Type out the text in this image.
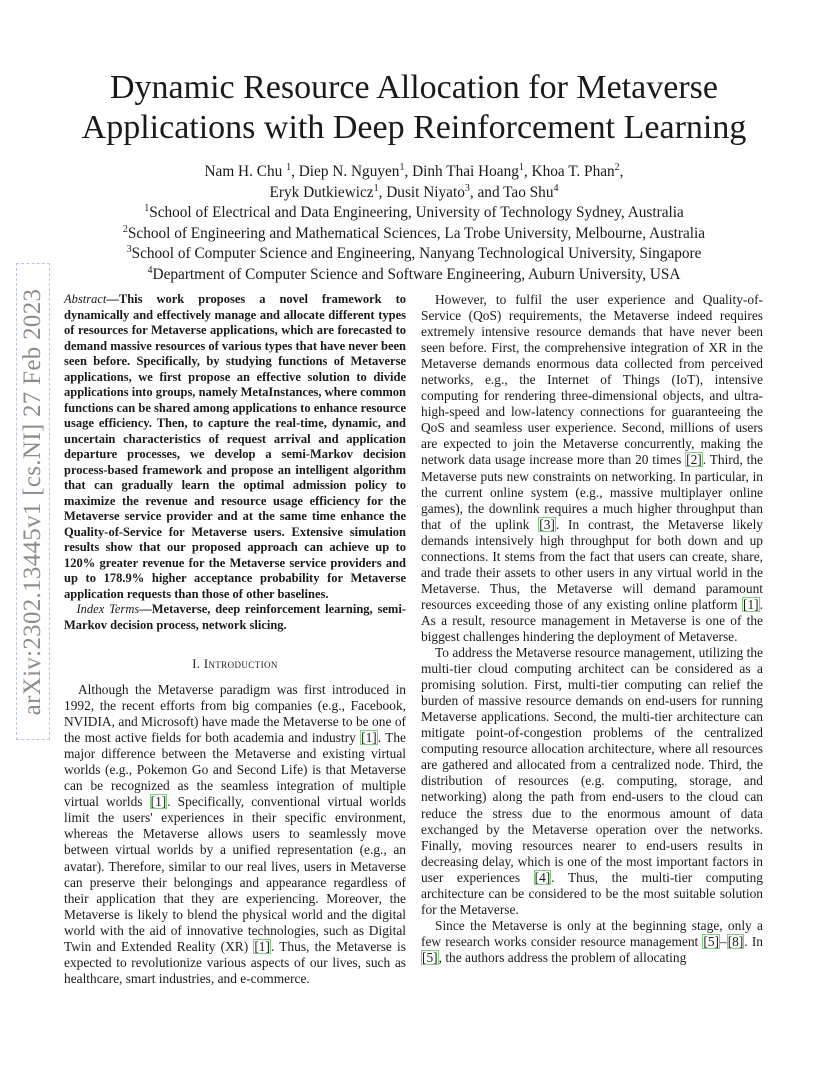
arXiv:2302.13445v1 [cs.NI] 27 Feb 2023
Dynamic Resource Allocation for Metaverse Applications with Deep Reinforcement Learning
Nam H. Chu $^1$, Diep N. Nguyen$^1$, Dinh Thai Hoang$^1$, Khoa T. Phan$^2$,
Eryk Dutkiewicz$^1$, Dusit Niyato$^3$, and Tao Shu$^4$
$^1$School of Electrical and Data Engineering, University of Technology Sydney, Australia
$^2$School of Engineering and Mathematical Sciences, La Trobe University, Melbourne, Australia
$^3$School of Computer Science and Engineering, Nanyang Technological University, Singapore
$^4$Department of Computer Science and Software Engineering, Auburn University, USA

Abstract—This work proposes a novel framework to dynamically and effectively manage and allocate different types of resources for Metaverse applications, which are forecasted to demand massive resources of various types that have never been seen before. Specifically, by studying functions of Metaverse applications, we first propose an effective solution to divide applications into groups, namely MetaInstances, where common functions can be shared among applications to enhance resource usage efficiency. Then, to capture the real-time, dynamic, and uncertain characteristics of request arrival and application departure processes, we develop a semi-Markov decision process-based framework and propose an intelligent algorithm that can gradually learn the optimal admission policy to maximize the revenue and resource usage efficiency for the Metaverse service provider and at the same time enhance the Quality-of-Service for Metaverse users. Extensive simulation results show that our proposed approach can achieve up to 120% greater revenue for the Metaverse service providers and up to 178.9% higher acceptance probability for Metaverse application requests than those of other baselines.

Index Terms—Metaverse, deep reinforcement learning, semi-Markov decision process, network slicing.

I. Introduction

Although the Metaverse paradigm was first introduced in 1992, the recent efforts from big companies (e.g., Facebook, NVIDIA, and Microsoft) have made the Metaverse to be one of the most active fields for both academia and industry [1]. The major difference between the Metaverse and existing virtual worlds (e.g., Pokemon Go and Second Life) is that Metaverse can be recognized as the seamless integration of multiple virtual worlds [1]. Specifically, conventional virtual worlds limit the users' experiences in their specific environment, whereas the Metaverse allows users to seamlessly move between virtual worlds by a unified representation (e.g., an avatar). Therefore, similar to our real lives, users in Metaverse can preserve their belongings and appearance regardless of their application that they are experiencing. Moreover, the Metaverse is likely to blend the physical world and the digital world with the aid of innovative technologies, such as Digital Twin and Extended Reality (XR) [1]. Thus, the Metaverse is expected to revolutionize various aspects of our lives, such as healthcare, smart industries, and e-commerce.

However, to fulfil the user experience and Quality-of-Service (QoS) requirements, the Metaverse indeed requires extremely intensive resource demands that have never been seen before. First, the comprehensive integration of XR in the Metaverse demands enormous data collected from perceived networks, e.g., the Internet of Things (IoT), intensive computing for rendering three-dimensional objects, and ultra-high-speed and low-latency connections for guaranteeing the QoS and seamless user experience. Second, millions of users are expected to join the Metaverse concurrently, making the network data usage increase more than 20 times [2]. Third, the Metaverse puts new constraints on networking. In particular, in the current online system (e.g., massive multiplayer online games), the downlink requires a much higher throughput than that of the uplink [3]. In contrast, the Metaverse likely demands intensively high throughput for both down and up connections. It stems from the fact that users can create, share, and trade their assets to other users in any virtual world in the Metaverse. Thus, the Metaverse will demand paramount resources exceeding those of any existing online platform [1]. As a result, resource management in Metaverse is one of the biggest challenges hindering the deployment of Metaverse.

To address the Metaverse resource management, utilizing the multi-tier cloud computing architect can be considered as a promising solution. First, multi-tier computing can relief the burden of massive resource demands on end-users for running Metaverse applications. Second, the multi-tier architecture can mitigate point-of-congestion problems of the centralized computing resource allocation architecture, where all resources are gathered and allocated from a centralized node. Third, the distribution of resources (e.g. computing, storage, and networking) along the path from end-users to the cloud can reduce the stress due to the enormous amount of data exchanged by the Metaverse operation over the networks. Finally, moving resources nearer to end-users results in decreasing delay, which is one of the most important factors in user experiences [4]. Thus, the multi-tier computing architecture can be considered to be the most suitable solution for the Metaverse.

Since the Metaverse is only at the beginning stage, only a few research works consider resource management [5]–[8]. In [5], the authors address the problem of allocating
